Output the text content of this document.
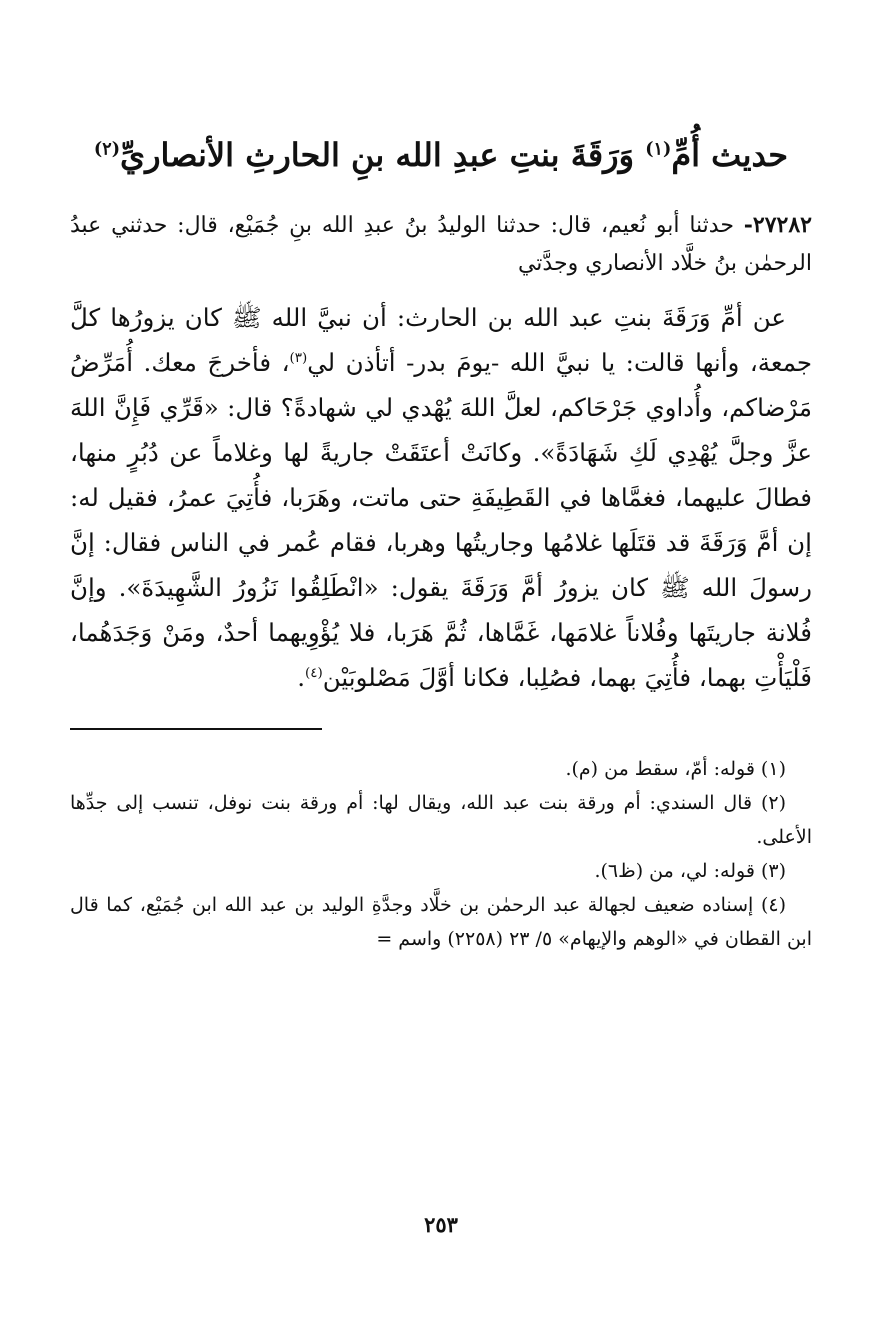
حديث أُمِّ$^{(١)}$ وَرَقَةَ بنتِ عبدِ الله بنِ الحارثِ الأنصاريِّ$^{(٢)}$

٢٧٢٨٢- حدثنا أبو نُعيم، قال: حدثنا الوليدُ بنُ عبدِ الله بنِ جُمَيْع، قال: حدثني عبدُ الرحمٰن بنُ خلَّاد الأنصاري وجدَّتي

عن أمِّ وَرَقَةَ بنتِ عبد الله بن الحارث: أن نبيَّ الله ﷺ كان يزورُها كلَّ جمعة، وأنها قالت: يا نبيَّ الله -يومَ بدر- أتأذن لي$^{(٣)}$، فأخرجَ معك. أُمَرِّضُ مَرْضاكم، وأُداوي جَرْحَاكم، لعلَّ اللهَ يُهْدي لي شهادةً؟ قال: «قَرِّي فَإِنَّ اللهَ عزَّ وجلَّ يُهْدِي لَكِ شَهَادَةً». وكانَتْ أعتَقَتْ جاريةً لها وغلاماً عن دُبُرٍ منها، فطالَ عليهما، فغمَّاها في القَطِيفَةِ حتى ماتت، وهَرَبا، فأُتِيَ عمرُ، فقيل له: إن أمَّ وَرَقَةَ قد قتَلَها غلامُها وجاريتُها وهربا، فقام عُمر في الناس فقال: إنَّ رسولَ الله ﷺ كان يزورُ أمَّ وَرَقَةَ يقول: «انْطَلِقُوا نَزُورُ الشَّهِيدَةَ». وإنَّ فُلانة جاريتَها وفُلاناً غلامَها، غَمَّاها، ثُمَّ هَرَبا، فلا يُؤْوِيهما أحدٌ، ومَنْ وَجَدَهُما، فَلْيَأْتِ بهما، فأُتِيَ بهما، فصُلِبا، فكانا أوَّلَ مَصْلوبَيْن$^{(٤)}$.

(١) قوله: أمّ، سقط من (م).

(٢) قال السندي: أم ورقة بنت عبد الله، ويقال لها: أم ورقة بنت نوفل، تنسب إلى جدِّها الأعلى.

(٣) قوله: لي، من (ظ٦).

(٤) إسناده ضعيف لجهالة عبد الرحمٰن بن خلَّاد وجدَّةِ الوليد بن عبد الله ابن جُمَيْع، كما قال ابن القطان في «الوهم والإيهام» ٥/ ٢٣ (٢٢٥٨) واسم =

٢٥٣
